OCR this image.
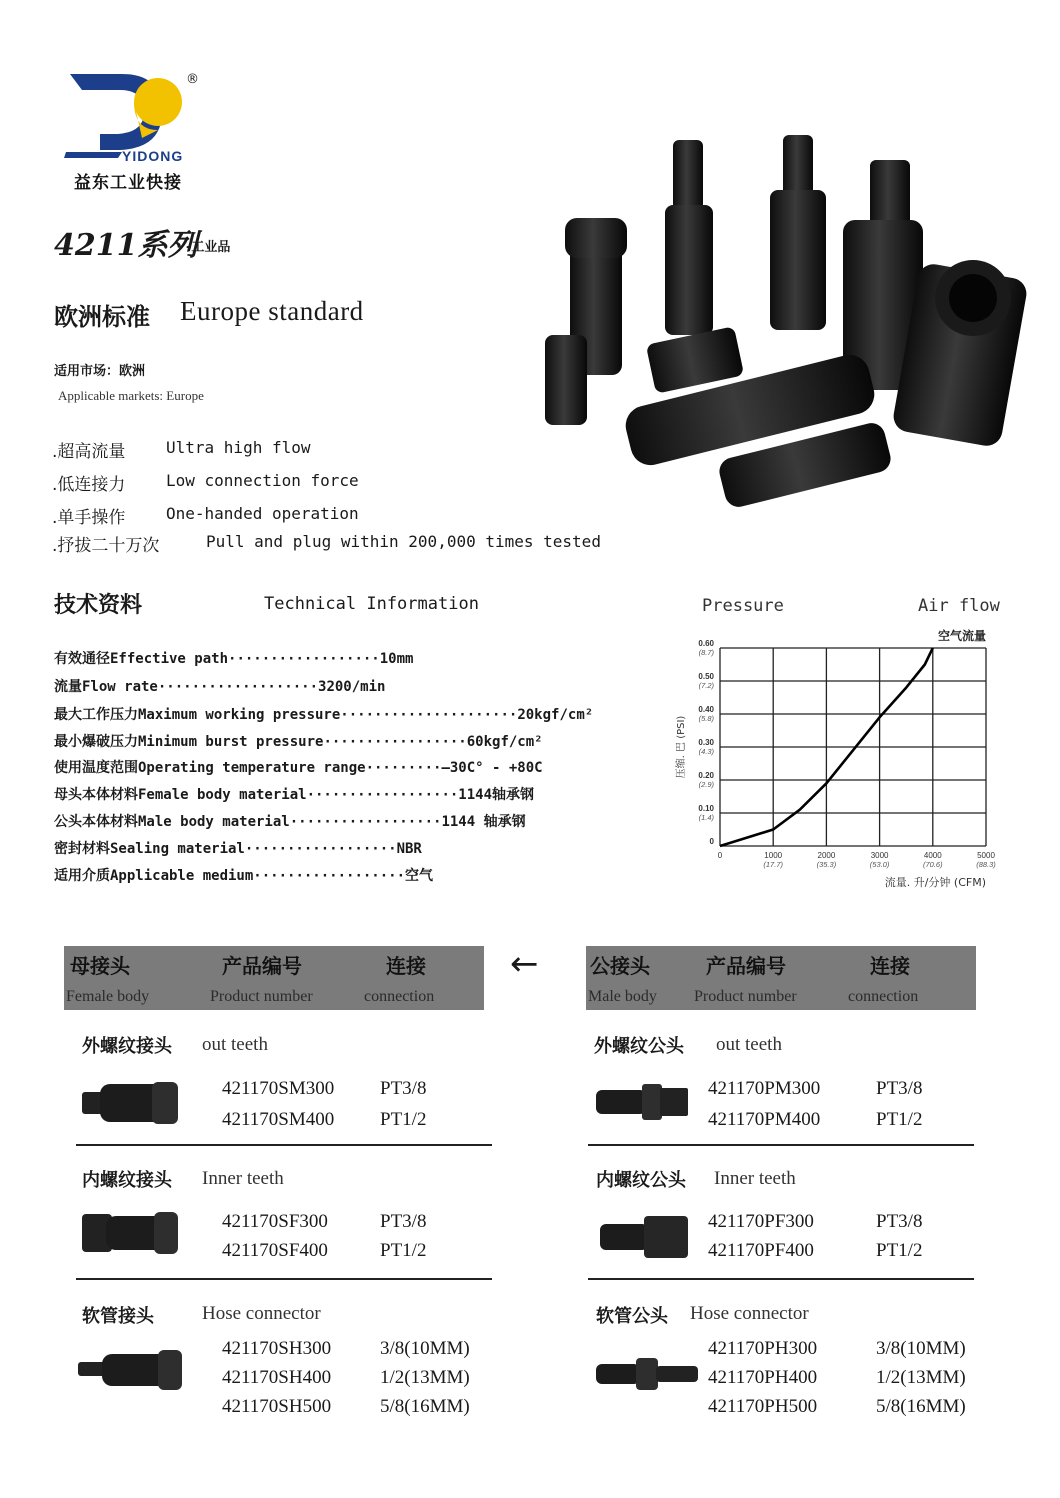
®
YIDONG
益东工业快接
4211系列
-工业品
欧洲标准 Europe standard
适用市场：欧洲
Applicable markets: Europe
.超高流量	Ultra high flow
.低连接力	Low connection force
.单手操作	One-handed operation
.抒拔二十万次	Pull and plug within 200,000 times tested
技术资料	Technical Information
有效通径Effective path··················10mm
流量Flow rate···················3200/min
最大工作压力Maximum working pressure·····················20kgf/cm²
最小爆破压力Minimum burst pressure·················60kgf/cm²
使用温度范围Operating temperature range·········—30C° - +80C
母头本体材料Female body material··················1144轴承钢
公头本体材料Male body material··················1144 轴承钢
密封材料Sealing material··················NBR
适用介质Applicable medium··················空气
Pressure	Air flow
0
0.10
(1.4)
0.20
(2.9)
0.30
(4.3)
0.40
(5.8)
0.50
(7.2)
0.60
(8.7)
0	1000
(17.7)
2000
(35.3)
3000
(53.0)
4000
(70.6)
5000
(88.3)
空气流量
流量. 升/分钟 (CFM)
压缩. 巴 (PSI)
母接头	产品编号	连接
Female body	Product number	connection
←	公接头	产品编号	连接
Male body Product number	connection
外螺纹接头 out teeth
421170SM300 PT3/8
421170SM400 PT1/2
内螺纹接头 Inner teeth
421170SF300	PT3/8
421170SF400	PT1/2
软管接头	Hose connector
421170SH300	3/8(10MM)
421170SH400	1/2(13MM)
421170SH500	5/8(16MM)
外螺纹公头 out teeth
421170PM300	PT3/8
421170PM400	PT1/2
内螺纹公头 Inner teeth
421170PF300	PT3/8
421170PF400	PT1/2
软管公头 Hose connector
421170PH300	3/8(10MM)
421170PH400	1/2(13MM)
421170PH500	5/8(16MM)
